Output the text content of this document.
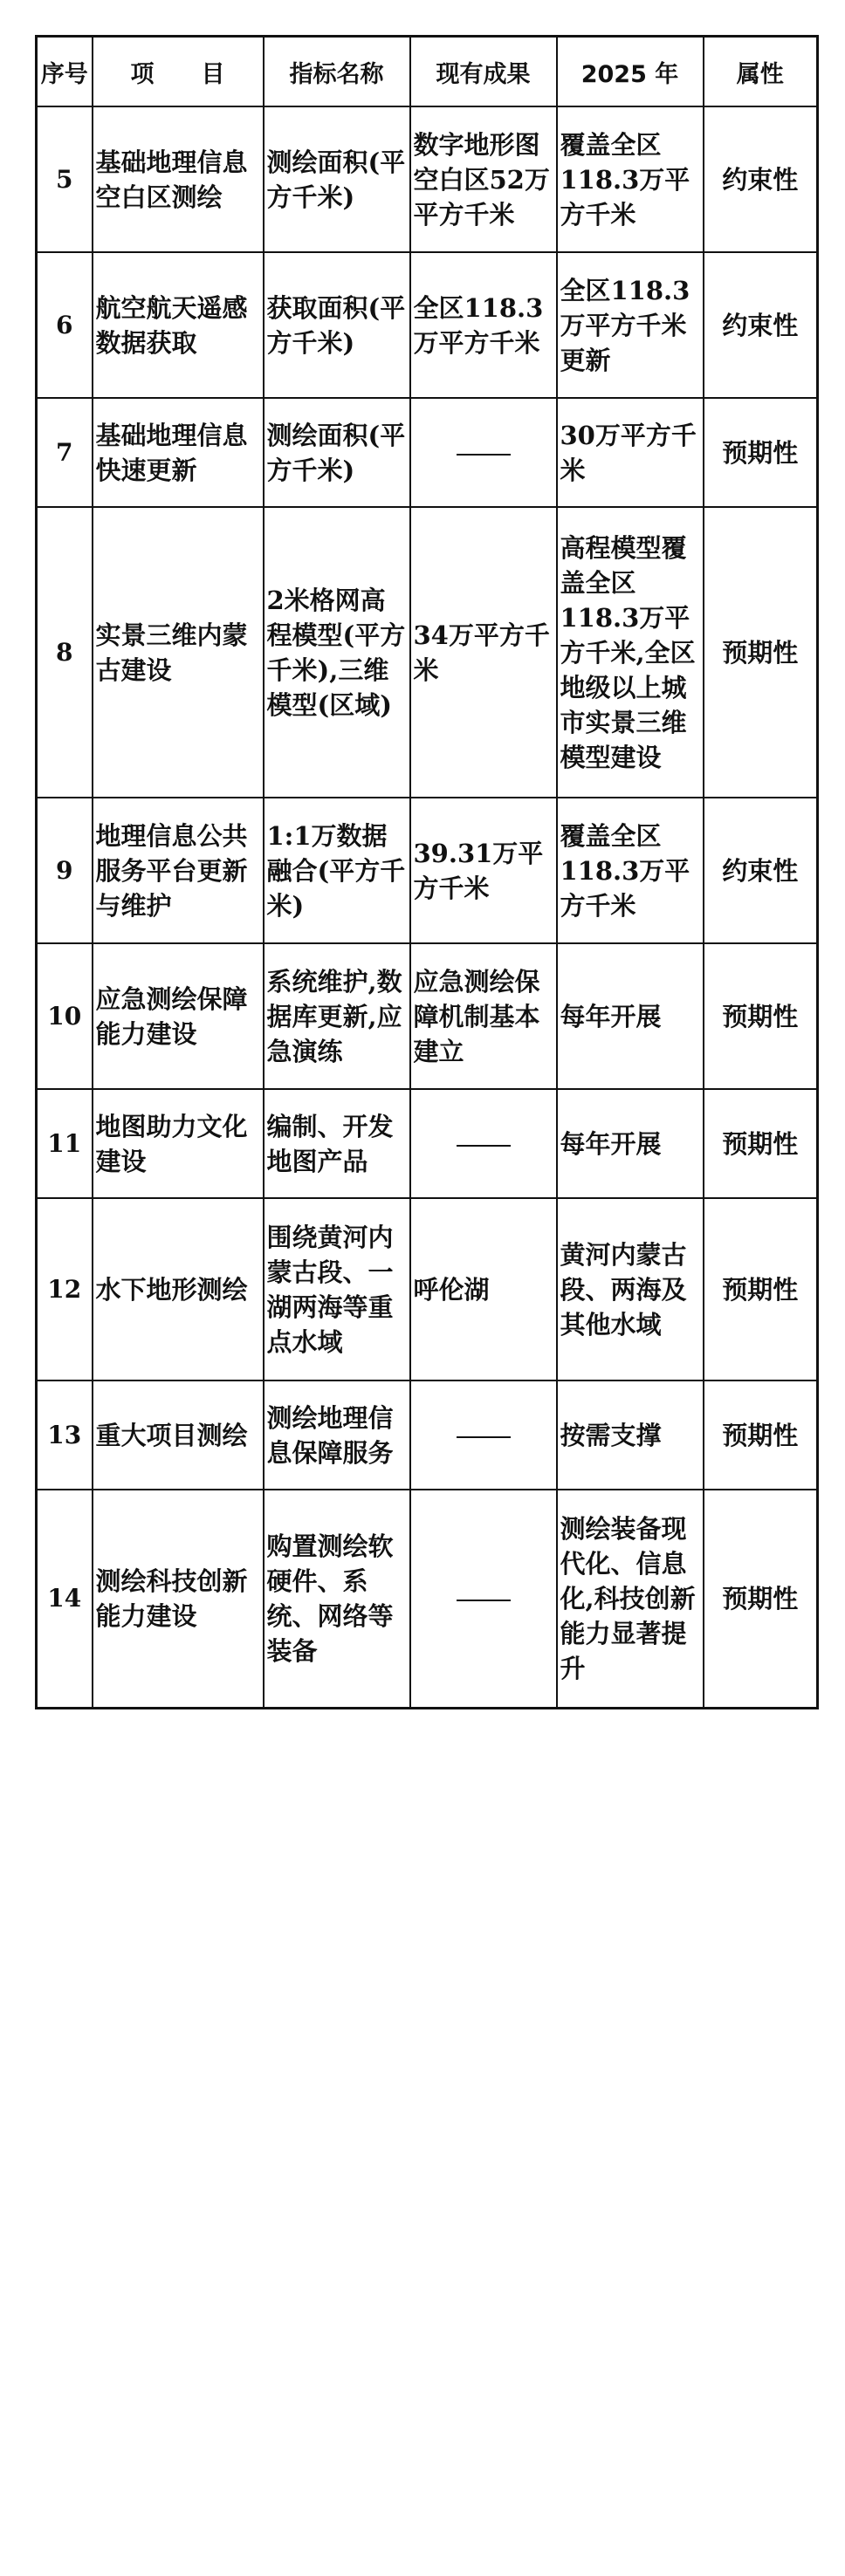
序号	项　　目	指标名称	现有成果	2025 年	属性
5	基础地理信息空白区测绘	测绘面积(平方千米)	数字地形图空白区52万平方千米	覆盖全区118.3万平方千米	约束性
6	航空航天遥感数据获取	获取面积(平方千米)	全区118.3万平方千米	全区118.3万平方千米更新	约束性
7	基础地理信息快速更新	测绘面积(平方千米)		30万平方千米	预期性
8	实景三维内蒙古建设	2米格网高程模型(平方千米),三维模型(区域)	34万平方千米	高程模型覆盖全区118.3万平方千米,全区地级以上城市实景三维模型建设	预期性
9	地理信息公共服务平台更新与维护	1:1万数据融合(平方千米)	39.31万平方千米	覆盖全区118.3万平方千米	约束性
10	应急测绘保障能力建设	系统维护,数据库更新,应急演练	应急测绘保障机制基本建立	每年开展	预期性
11	地图助力文化建设	编制、开发地图产品		每年开展	预期性
12	水下地形测绘	围绕黄河内蒙古段、一湖两海等重点水域	呼伦湖	黄河内蒙古段、两海及其他水域	预期性
13	重大项目测绘	测绘地理信息保障服务		按需支撑	预期性
14	测绘科技创新能力建设	购置测绘软硬件、系统、网络等装备		测绘装备现代化、信息化,科技创新能力显著提升	预期性
